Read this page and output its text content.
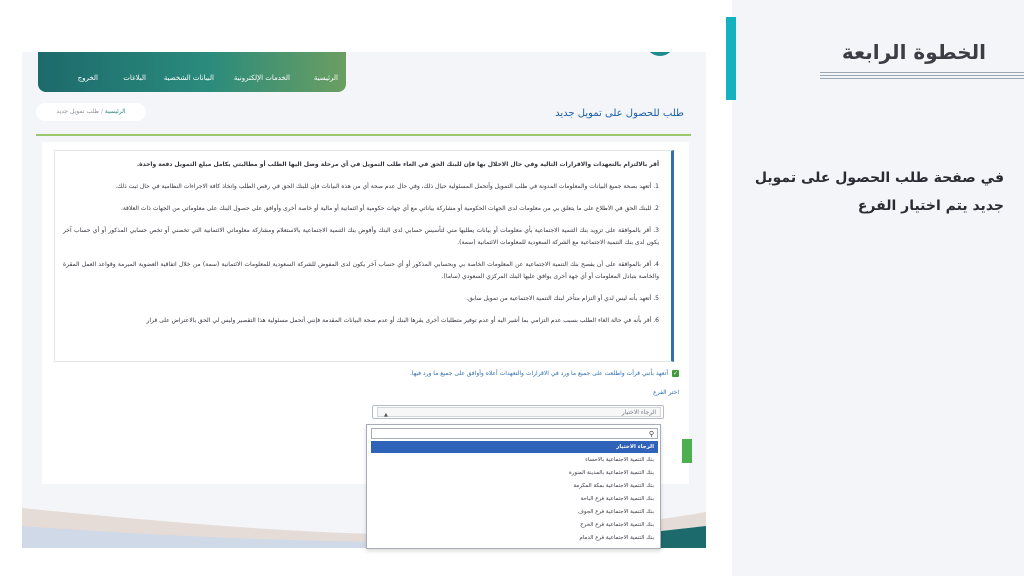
الرئيسية
الخدمات الإلكترونية
البيانات الشخصية
البلاغات
الخروج
طلب للحصول على تمويل جديد
الرئيسية / طلب تمويل جديد

أقر بالالتزام بالتعهدات والاقرارات التالية وفي حال الاخلال بها فإن للبنك الحق في الغاء طلب التمويل في أي مرحلة وصل اليها الطلب أو مطالبتي بكامل مبلغ التمويل دفعة واحدة.

1. أتعهد بصحة جميع البيانات والمعلومات المدونة في طلب التمويل وأتحمل المسئولية حيال ذلك، وفي حال عدم صحة أي من هذه البيانات فإن للبنك الحق في رفض الطلب واتخاذ كافة الاجراءات النظامية في حال ثبت ذلك.

2. للبنك الحق في الاطلاع على ما يتعلق بي من معلومات لدى الجهات الحكومية أو مشاركة بياناتي مع أي جهات حكومية أو ائتمانية أو مالية أو خاصة أخرى وأوافق على حصول البنك على معلوماتي من الجهات ذات العلاقة.

3. أقر بالموافقة على تزويد بنك التنمية الاجتماعية بأي معلومات أو بيانات يطلبها مني لتأسيس حسابي لدى البنك وأفوض بنك التنمية الاجتماعية بالاستعلام ومشاركة معلوماتي الائتمانية التي تخصني أو تخص حسابي المذكور أو أي حساب آخر يكون لدى بنك التنمية الاجتماعية مع الشركة السعودية للمعلومات الائتمانية (سمة).

4. أقر بالموافقة على أن يفصح بنك التنمية الاجتماعية عن المعلومات الخاصة بي وبحسابي المذكور أو أي حساب آخر يكون لدى المفوض للشركة السعودية للمعلومات الائتمانية (سمة) من خلال اتفاقية العضوية المبرمة وقواعد العمل المقرة والخاصة بتبادل المعلومات أو أي جهة أخرى يوافق عليها البنك المركزي السعودي (ساما).

5. أتعهد بأنه ليس لدي أو التزام متأخر لبنك التنمية الاجتماعية من تمويل سابق.

6. أقر بأنه في حالة الغاء الطلب بسبب عدم التزامي بما أشير اليه أو عدم توفير متطلبات أخرى يقرها البنك أو عدم صحة البيانات المقدمة فإنني أتحمل مسئولية هذا التقصير وليس لي الحق بالاعتراض على قرار

✓
أتعهد بأنني قرأت واطلعت على جميع ما ورد في الاقرارات والتعهدات أعلاه وأوافق على جميع ما ورد فيها.
اختر الفرع
الرجاء الاختيار
▲
⚲
الرجاء الاختيار
بنك التنمية الاجتماعية بالاحساء
بنك التنمية الاجتماعية بالمدينة المنورة
بنك التنمية الاجتماعية بمكة المكرمة
بنك التنمية الاجتماعية فرع الباحة
بنك التنمية الاجتماعية فرع الجوف
بنك التنمية الاجتماعية فرع الخرج
بنك التنمية الاجتماعية فرع الدمام
الخطوة الرابعة
في صفحة طلب الحصول على تمويل جديد يتم اختيار الفرع
